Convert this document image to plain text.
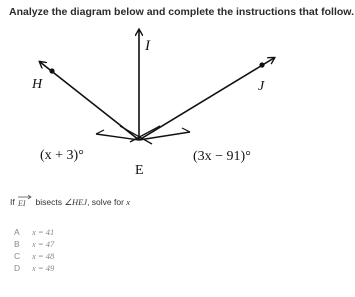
Analyze the diagram below and complete the instructions that follow.
I
H	J
E
(x + 3)°	(3x − 91)°
If EI bisects ∠HEJ, solve for x
A	x = 41
B	x = 47
C	x = 48
D	x = 49
